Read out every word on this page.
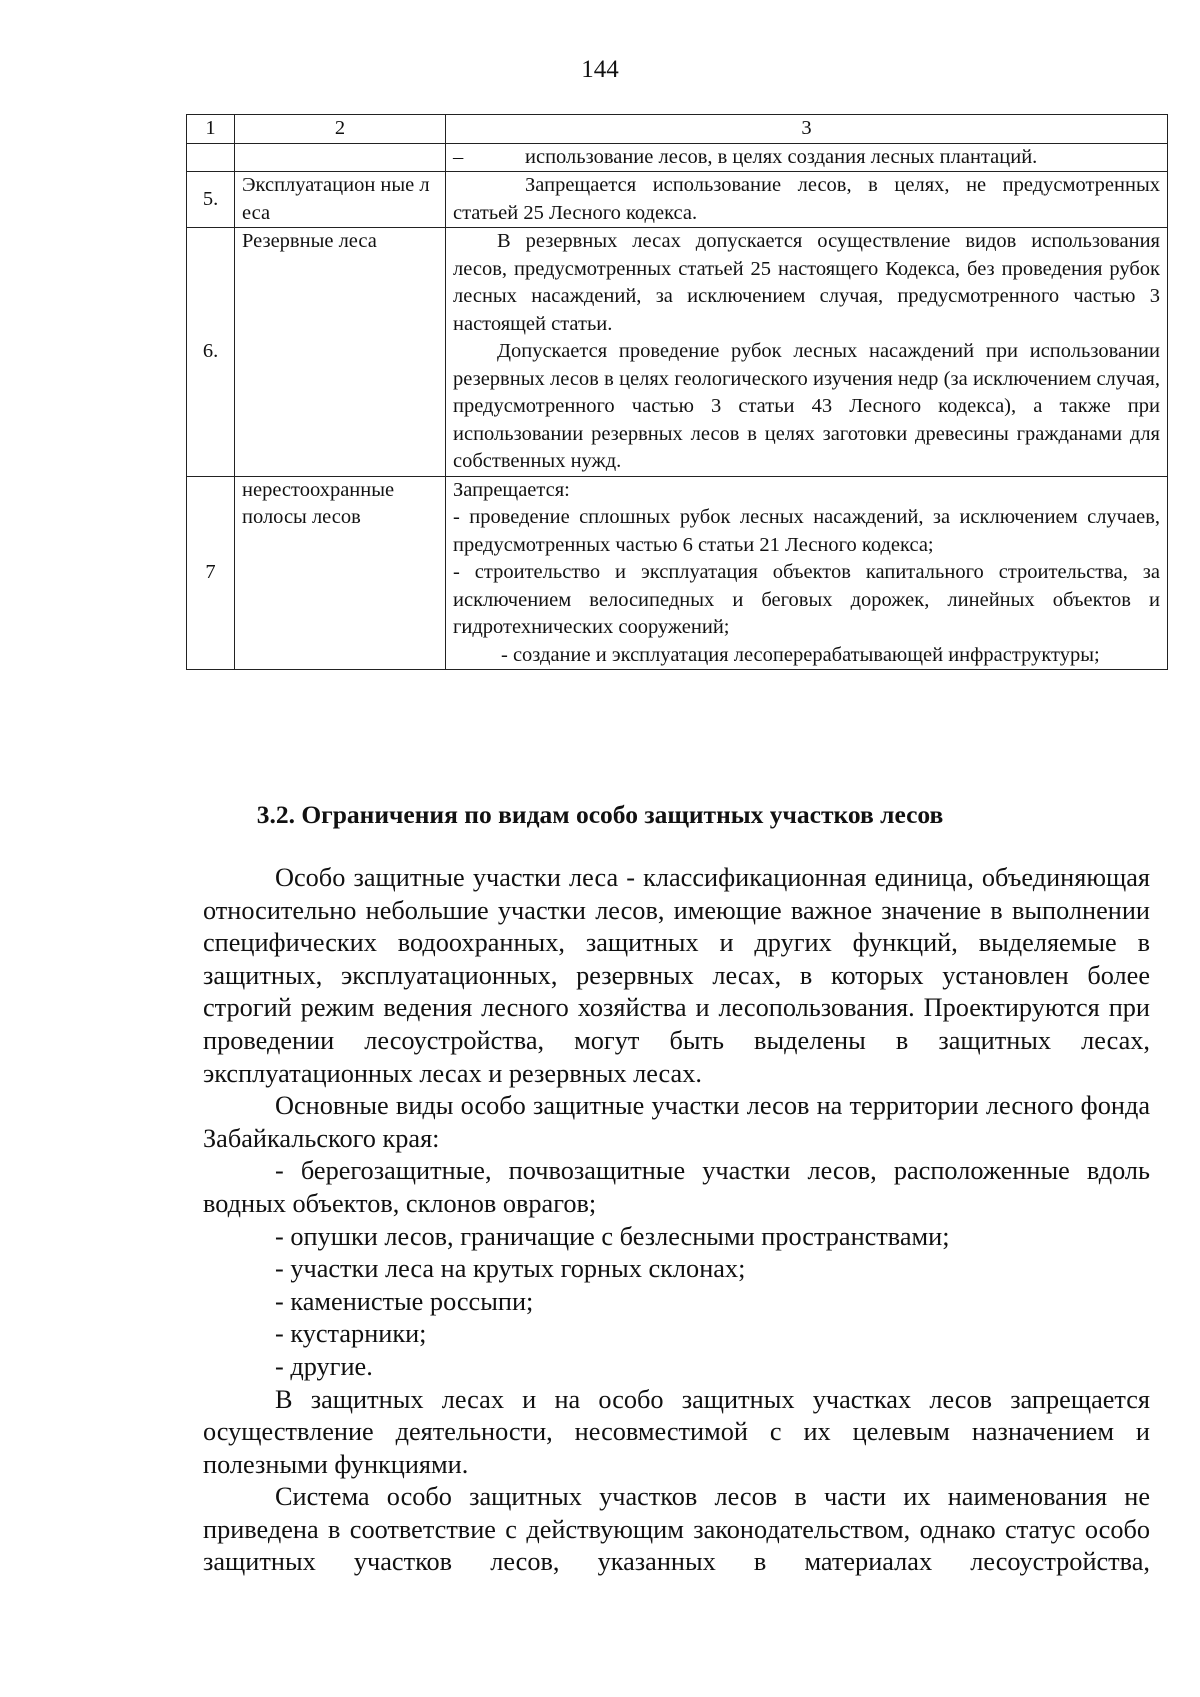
144
1	2	3

		– использование лесов, в целях создания лесных плантаций.

5.	Эксплуатацион ные леса	Запрещается использование лесов, в целях, не предусмотренных статьей 25 Лесного кодекса.

6.	Резервные леса	В резервных лесах допускается осуществление видов использования лесов, предусмотренных статьей 25 настоящего Кодекса, без проведения рубок лесных насаждений, за исключением случая, предусмотренного частью 3 настоящей статьи.

Допускается проведение рубок лесных насаждений при использовании резервных лесов в целях геологического изучения недр (за исключением случая, предусмотренного частью 3 статьи 43 Лесного кодекса), а также при использовании резервных лесов в целях заготовки древесины гражданами для собственных нужд.

7	нерестоохранные полосы лесов	Запрещается:

- проведение сплошных рубок лесных насаждений, за исключением случаев, предусмотренных частью 6 статьи 21 Лесного кодекса;

- строительство и эксплуатация объектов капитального строительства, за исключением велосипедных и беговых дорожек, линейных объектов и гидротехнических сооружений;

- создание и эксплуатация лесоперерабатывающей инфраструктуры;

3.2. Ограничения по видам особо защитных участков лесов

Особо защитные участки леса - классификационная единица, объединяющая относительно небольшие участки лесов, имеющие важное значение в выполнении специфических водоохранных, защитных и других функций, выделяемые в защитных, эксплуатационных, резервных лесах, в которых установлен более строгий режим ведения лесного хозяйства и лесопользования. Проектируются при проведении лесоустройства, могут быть выделены в защитных лесах, эксплуатационных лесах и резервных лесах.

Основные виды особо защитные участки лесов на территории лесного фонда Забайкальского края:

- берегозащитные, почвозащитные участки лесов, расположенные вдоль водных объектов, склонов оврагов;

- опушки лесов, граничащие с безлесными пространствами;

- участки леса на крутых горных склонах;

- каменистые россыпи;

- кустарники;

- другие.

В защитных лесах и на особо защитных участках лесов запрещается осуществление деятельности, несовместимой с их целевым назначением и полезными функциями.

Система особо защитных участков лесов в части их наименования не приведена в соответствие с действующим законодательством, однако статус особо защитных участков лесов, указанных в материалах лесоустройства,
